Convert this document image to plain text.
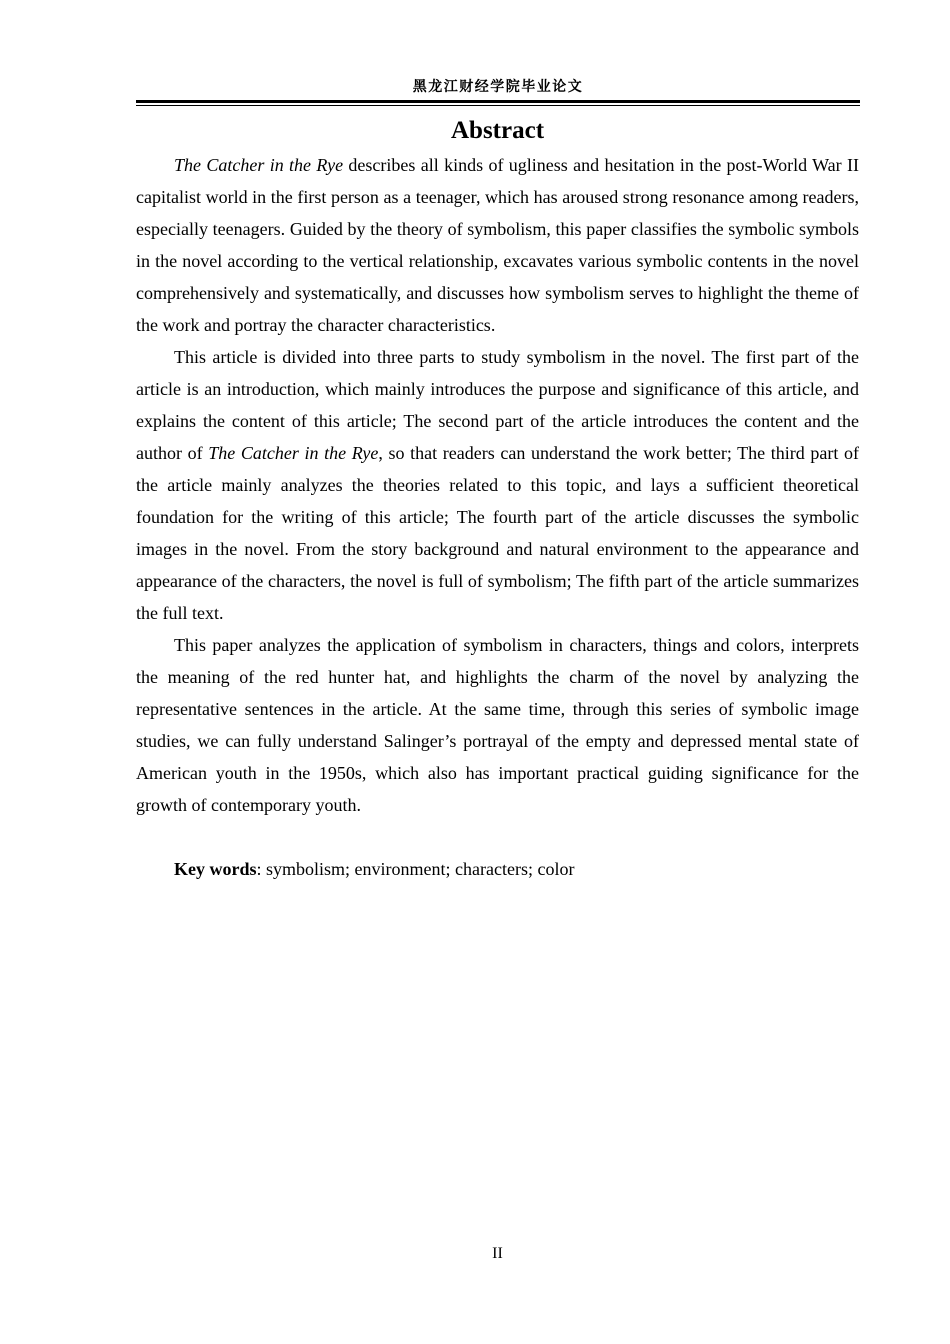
黑龙江财经学院毕业论文
Abstract

The Catcher in the Rye describes all kinds of ugliness and hesitation in the post-World War II capitalist world in the first person as a teenager, which has aroused strong resonance among readers, especially teenagers. Guided by the theory of symbolism, this paper classifies the symbolic symbols in the novel according to the vertical relationship, excavates various symbolic contents in the novel comprehensively and systematically, and discusses how symbolism serves to highlight the theme of the work and portray the character characteristics.

This article is divided into three parts to study symbolism in the novel. The first part of the article is an introduction, which mainly introduces the purpose and significance of this article, and explains the content of this article; The second part of the article introduces the content and the author of The Catcher in the Rye, so that readers can understand the work better; The third part of the article mainly analyzes the theories related to this topic, and lays a sufficient theoretical foundation for the writing of this article; The fourth part of the article discusses the symbolic images in the novel. From the story background and natural environment to the appearance and appearance of the characters, the novel is full of symbolism; The fifth part of the article summarizes the full text.

This paper analyzes the application of symbolism in characters, things and colors, interprets the meaning of the red hunter hat, and highlights the charm of the novel by analyzing the representative sentences in the article. At the same time, through this series of symbolic image studies, we can fully understand Salinger’s portrayal of the empty and depressed mental state of American youth in the 1950s, which also has important practical guiding significance for the growth of contemporary youth.

Key words: symbolism; environment; characters; color

II
